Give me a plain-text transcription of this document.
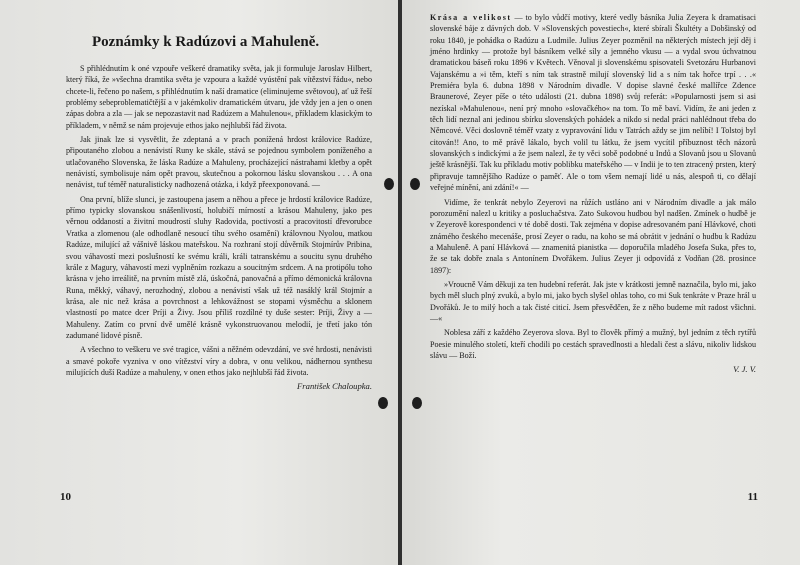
Poznámky k Radúzovi a Mahuleně.

S přihlédnutím k oné vzpouře veškeré dramatiky světa, jak ji formuluje Jaroslav Hilbert, který říká, že »všechna dramtika světa je vzpoura a každé vyústění pak vítězství řádu«, nebo chcete-li, řečeno po našem, s přihlédnutím k naší dramatice (eliminujeme světovou), ať už řeší problémy sebeproblematičtější a v jakémkoliv dramatickém útvaru, jde vždy jen a jen o onen zápas dobra a zla — jak se nepozastavit nad Radúzem a Mahulenou«, příkladem klasickým to příkladem, v němž se nám projevuje ethos jako nejhlubší řád života.

Jak jinak lze si vysvětlit, že zdeptaná a v prach ponížená hrdost královice Radúze, připoutaného zlobou a nenávistí Runy ke skále, stává se pojednou symbolem poníženého a utlačovaného Slovenska, že láska Radúze a Mahuleny, procházející nástrahami kletby a opět nenávistí, symbolisuje nám opět pravou, skutečnou a pokornou lásku slovanskou . . . A ona nenávist, tuf téměř naturalisticky nadhozená otázka, i když přeexponovaná. —

Ona první, blíže slunci, je zastoupena jasem a něhou a přece je hrdostí královice Radúze, přímo typicky slovanskou snášenlivostí, holubičí mírností a krásou Mahuleny, jako pes věrnou oddaností a živitní moudrostí sluhy Radovida, poctivostí a pracovitostí dřevorubce Vratka a zlomenou (ale odhodlaně nesoucí tíhu svého osamění) královnou Nyolou, matkou Radúze, milující až vášnivě láskou mateřskou. Na rozhraní stojí důvěrník Stojmírův Pribina, svou váhavostí mezi poslušností ke svému králi, králi tatranskému a soucitu synu druhého krále z Magury, váhavostí mezi vyplněním rozkazu a soucitným srdcem. A na protipólu toho krásna v jeho irreálitě, na prvním místě zlá, úskočná, panovačná a přímo démonická královna Runa, měkký, váhavý, nerozhodný, zlobou a nenávistí však už též nasáklý král Stojmír a krása, ale nic než krása a povrchnost a lehkovážnost se stopami výsměchu a sklonem vlastností po matce dcer Príji a Živy. Jsou příliš rozdílné ty duše sester: Príji, Živy a — Mahuleny. Zatím co první dvě umělé krásně vykonstruovanou melodií, je třetí jako tón zadumané lidové písně.

A všechno to veškeru ve své tragice, vášni a něžném odevzdání, ve své hrdosti, nenávisti a smavé pokoře vyzniva v ono vítězství víry a dobra, v onu velikou, nádhernou synthesu milujících duší Radúze a mahuleny, v onen ethos jako nejhlubší řád života.

František Chaloupka.

10

Krása a velikost — to bylo vůdčí motivy, které vedly básníka Julia Zeyera k dramatisaci slovenské báje z dávných dob. V »Slovenských povestiech«, které sbírali Škultéty a Dobšinský od roku 1840, je pohádka o Radúzu a Ludmile. Julius Zeyer pozměnil na některých místech její děj i jméno hrdinky — protože byl básníkem velké síly a jemného vkusu — a vydal svou úchvatnou dramatickou báseň roku 1896 v Květech. Věnoval ji slovenskému spisovateli Svetozáru Hurbanovi Vajanskému a »i těm, kteří s ním tak strastně milují slovenský lid a s ním tak hořce trpí . . .« Premiéra byla 6. dubna 1898 v Národním divadle. V dopise slavné české mallířce Zdence Braunerové, Zeyer píše o této události (21. dubna 1898) svůj referát: »Popularnosti jsem si asi nezískal »Mahulenou«, není prý mnoho »slovačkého« na tom. To mě baví. Vidím, že ani jeden z těch lidí neznal ani jedinou sbírku slovenských pohádek a nikdo si nedal práci nahlédnout třeba do Němcové. Věci doslovně téměř vzaty z vypravování lidu v Tatrách aždy se jim nelíbí! I Tolstoj byl citován!! Ano, to mě právě lákalo, bych volil tu látku, že jsem vycítil příbuznost těch názorů slovanských s indickými a že jsem nalezl, že ty věci sobě podobné u Indů a Slovanů jsou u Slovanů ještě krásnější. Tak ku příkladu motiv poblibku mateřského — v Indii je to ten ztracený prsten, který připravuje tamnějšího Radúze o paměť. Ale o tom všem nemají lidé u nás, alespoň ti, co dělají veřejné mínění, ani zdání!« —

Vidíme, že tenkrát nebylo Zeyerovi na růžích ustláno ani v Národním divadle a jak málo porozumění nalezl u kritiky a posluchačstva. Zato Sukovou hudbou byl nadšen. Zmínek o hudbě je v Zeyerově korespondenci v té době dosti. Tak zejména v dopise adresovaném paní Hlávkové, choti známého českého mecenáše, prosí Zeyer o radu, na koho se má obrátit v jednání o hudbu k Radúzu a Mahuleně. A paní Hlávková — znamenitá pianistka — doporučila mladého Josefa Suka, přes to, že se tak dobře znala s Antonínem Dvořákem. Julius Zeyer ji odpovídá z Vodňan (28. prosince 1897):

»Vroucně Vám děkuji za ten hudební referát. Jak jste v krátkosti jemně naznačila, bylo mi, jako bych měl sluch plný zvuků, a bylo mi, jako bych slyšel ohlas toho, co mi Suk tenkráte v Praze hrál u Dvořáků. Je to milý hoch a tak čisté citicí. Jsem přesvědčen, že z něho budeme mít radost všichni. —«

Noblesa září z každého Zeyerova slova. Byl to člověk přímý a mužný, byl jedním z těch rytířů Poesie minulého století, kteří chodili po cestách spravedlnosti a hledali čest a slávu, nikoliv lidskou slávu — Boží.

V. J. V.

11
